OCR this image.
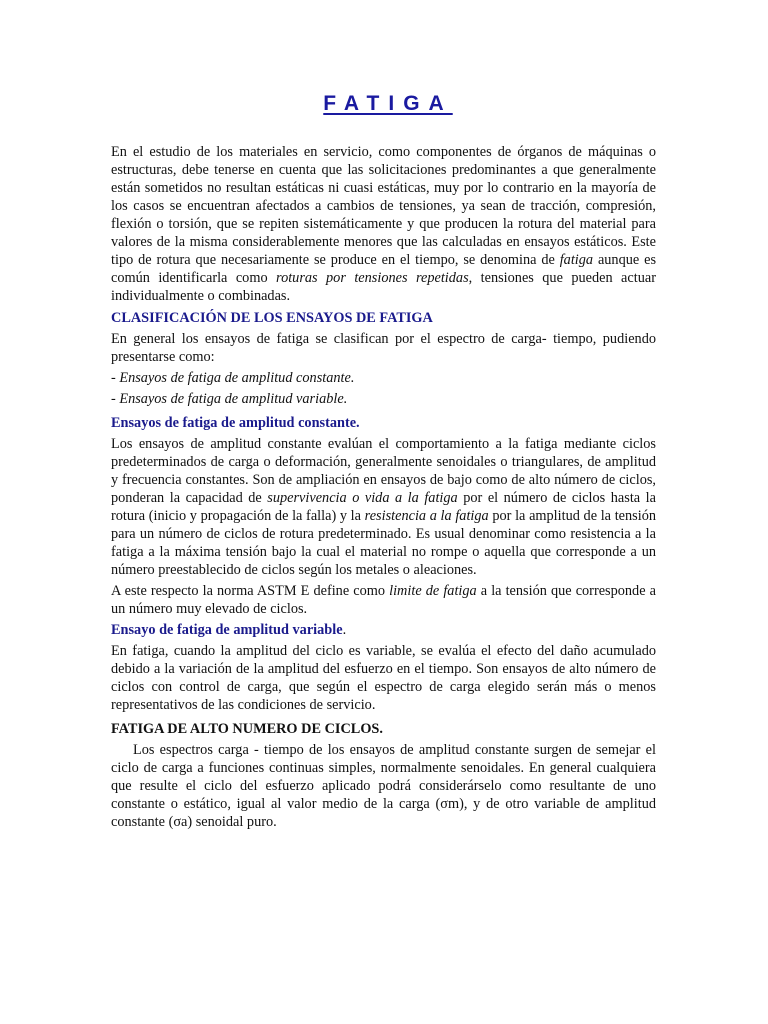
FATIGA

En el estudio de los materiales en servicio, como componentes de órganos de máquinas o estructuras, debe tenerse en cuenta que las solicitaciones predominantes a que generalmente están sometidos no resultan estáticas ni cuasi estáticas, muy por lo contrario en la mayoría de los casos se encuentran afectados a cambios de tensiones, ya sean de tracción, compresión, flexión o torsión, que se repiten sistemáticamente y que producen la rotura del material para valores de la misma considerablemente menores que las calculadas en ensayos estáticos. Este tipo de rotura que necesariamente se produce en el tiempo, se denomina de fatiga aunque es común identificarla como roturas por tensiones repetidas, tensiones que pueden actuar individualmente o combinadas.

CLASIFICACIÓN DE LOS ENSAYOS DE FATIGA

En general los ensayos de fatiga se clasifican por el espectro de carga- tiempo, pudiendo presentarse como:

- Ensayos de fatiga de amplitud constante.

- Ensayos de fatiga de amplitud variable.

Ensayos de fatiga de amplitud constante.

Los ensayos de amplitud constante evalúan el comportamiento a la fatiga mediante ciclos predeterminados de carga o deformación, generalmente senoidales o triangulares, de amplitud y frecuencia constantes. Son de ampliación en ensayos de bajo como de alto número de ciclos, ponderan la capacidad de supervivencia o vida a la fatiga por el número de ciclos hasta la rotura (inicio y propagación de la falla) y la resistencia a la fatiga por la amplitud de la tensión para un número de ciclos de rotura predeterminado. Es usual denominar como resistencia a la fatiga a la máxima tensión bajo la cual el material no rompe o aquella que corresponde a un número preestablecido de ciclos según los metales o aleaciones.

A este respecto la norma ASTM E define como limite de fatiga a la tensión que corresponde a un número muy elevado de ciclos.

Ensayo de fatiga de amplitud variable.

En fatiga, cuando la amplitud del ciclo es variable, se evalúa el efecto del daño acumulado debido a la variación de la amplitud del esfuerzo en el tiempo. Son ensayos de alto número de ciclos con control de carga, que según el espectro de carga elegido serán más o menos representativos de las condiciones de servicio.

FATIGA DE ALTO NUMERO DE CICLOS.

Los espectros carga - tiempo de los ensayos de amplitud constante surgen de semejar el ciclo de carga a funciones continuas simples, normalmente senoidales. En general cualquiera que resulte el ciclo del esfuerzo aplicado podrá considerárselo como resultante de uno constante o estático, igual al valor medio de la carga (σm), y de otro variable de amplitud constante (σa) senoidal puro.
